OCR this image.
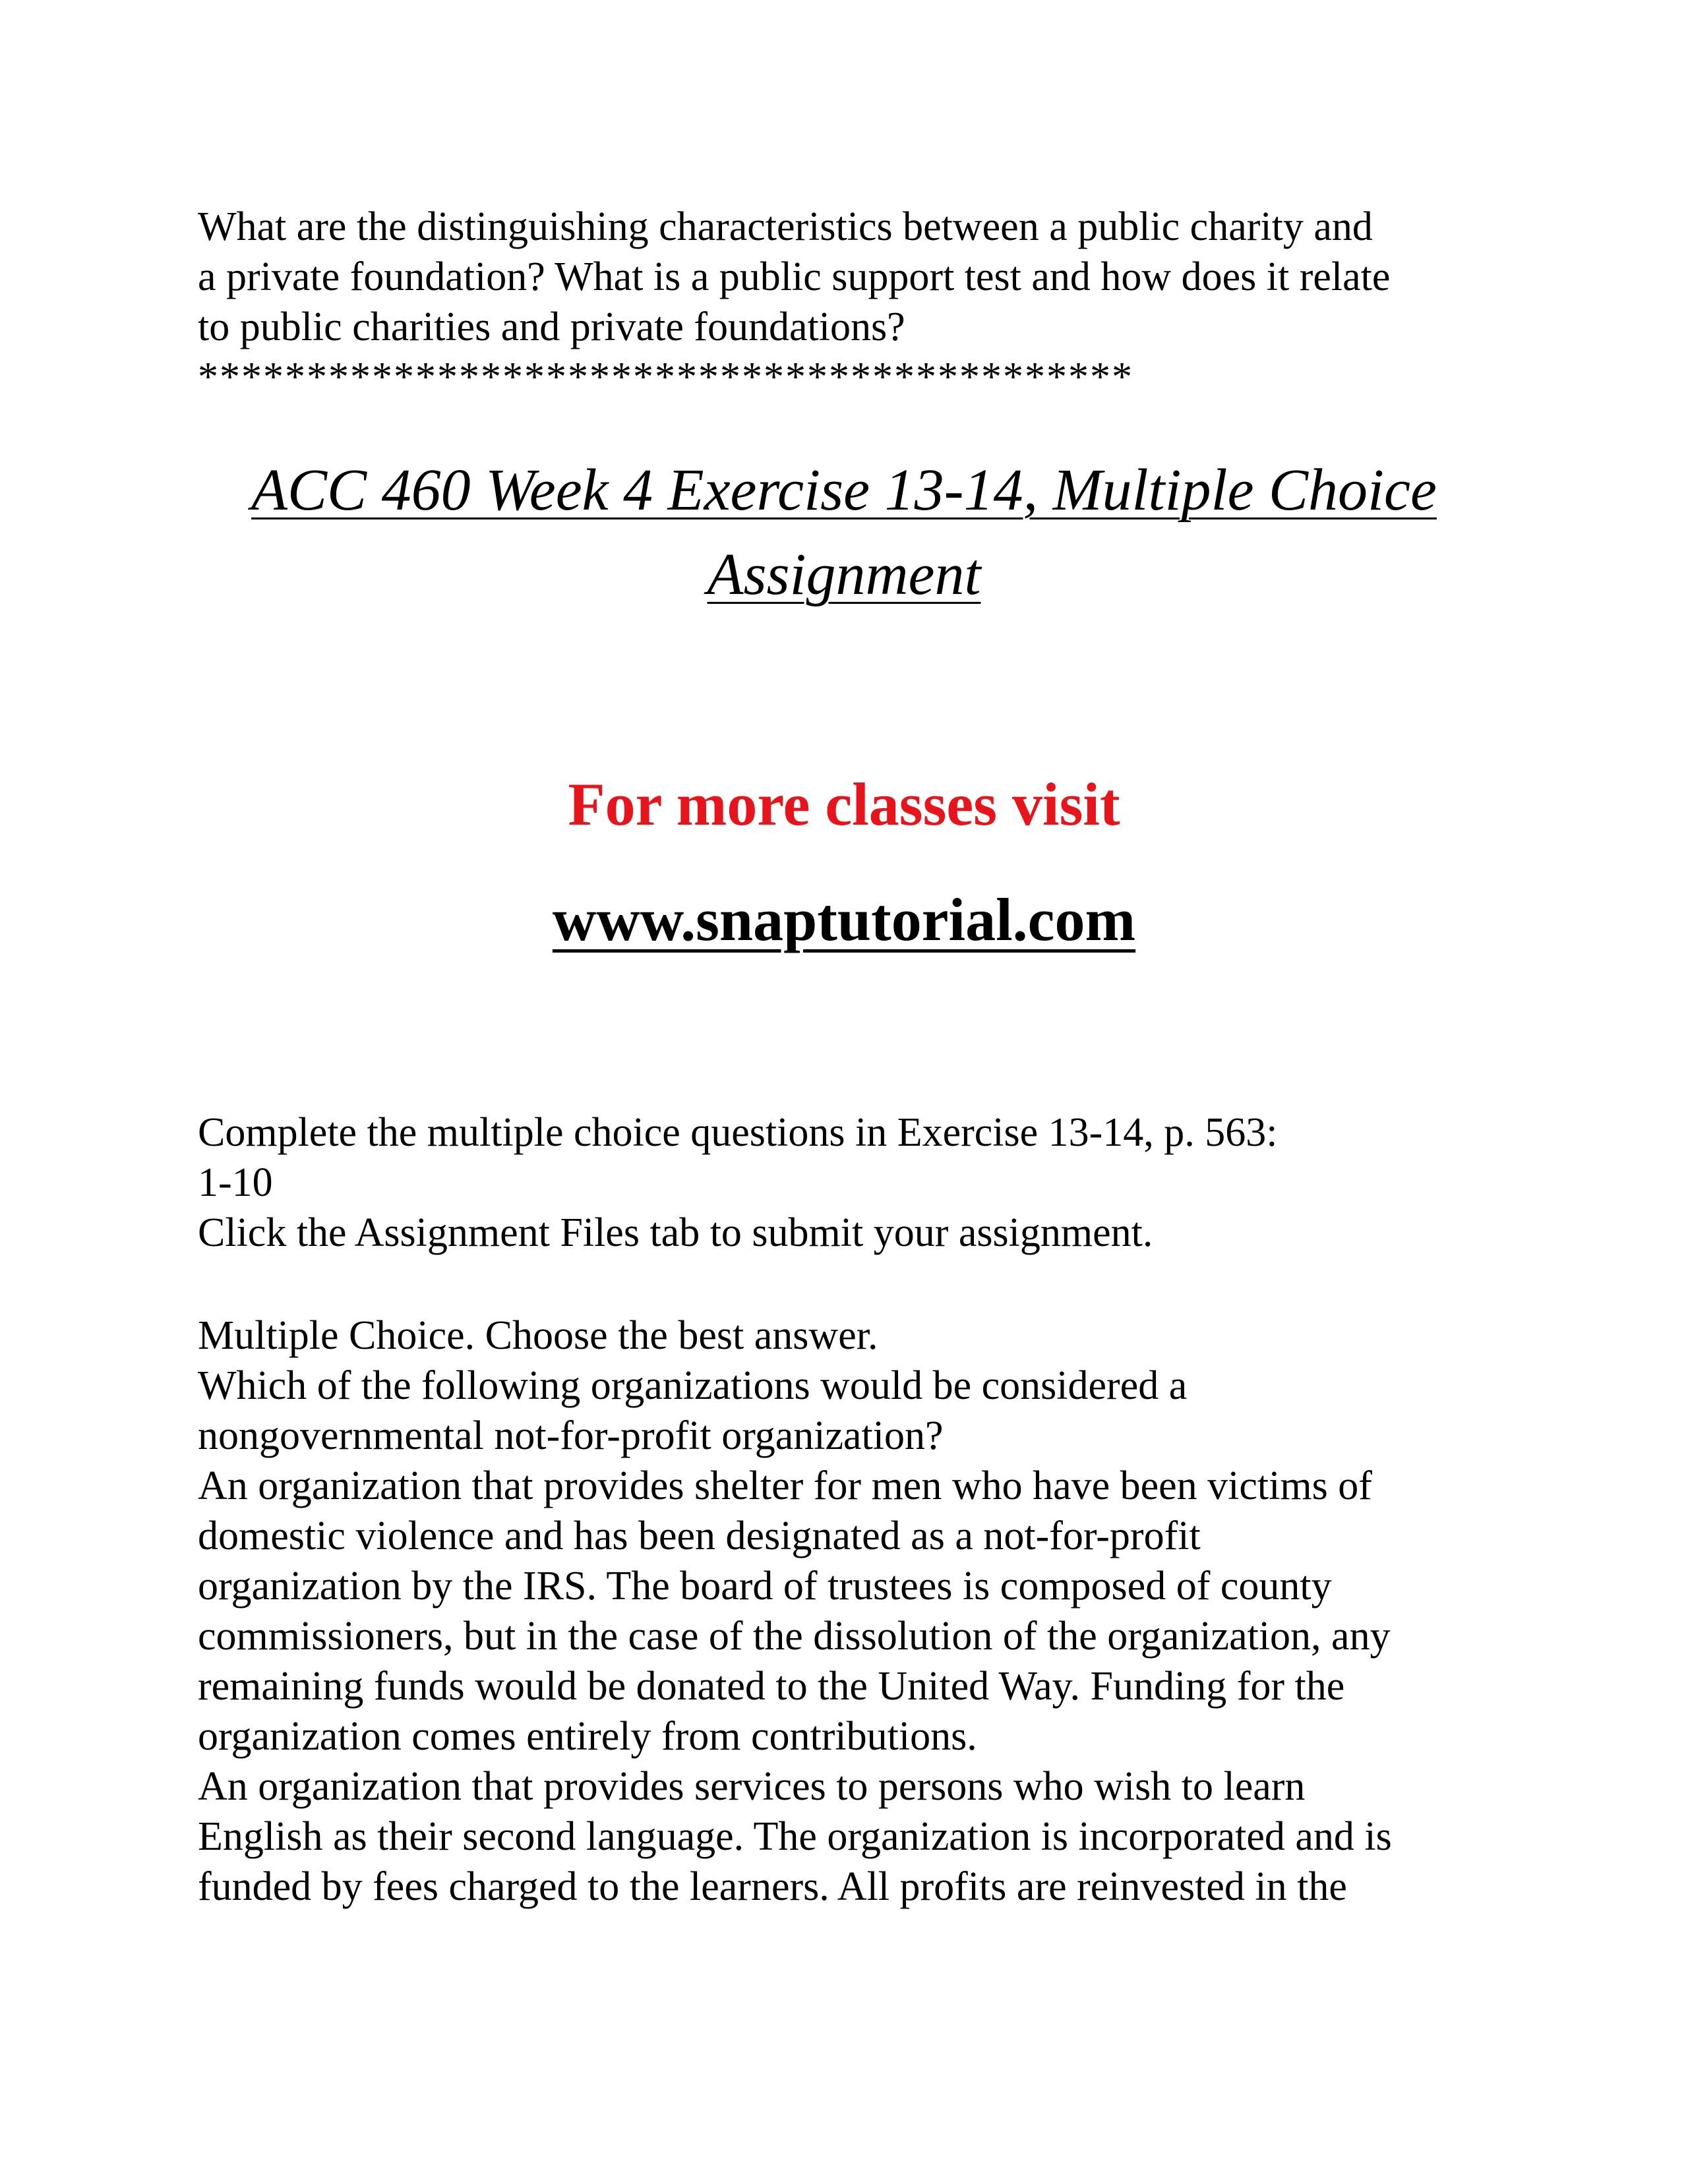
What are the distinguishing characteristics between a public charity and
a private foundation? What is a public support test and how does it relate
to public charities and private foundations?
*******************************************
ACC 460 Week 4 Exercise 13-14, Multiple Choice
Assignment
For more classes visit
www.snaptutorial.com
Complete the multiple choice questions in Exercise 13-14, p. 563:
1-10
Click the Assignment Files tab to submit your assignment.
Multiple Choice. Choose the best answer.
Which of the following organizations would be considered a
nongovernmental not-for-profit organization?
An organization that provides shelter for men who have been victims of
domestic violence and has been designated as a not-for-profit
organization by the IRS. The board of trustees is composed of county
commissioners, but in the case of the dissolution of the organization, any
remaining funds would be donated to the United Way. Funding for the
organization comes entirely from contributions.
An organization that provides services to persons who wish to learn
English as their second language. The organization is incorporated and is
funded by fees charged to the learners. All profits are reinvested in the
